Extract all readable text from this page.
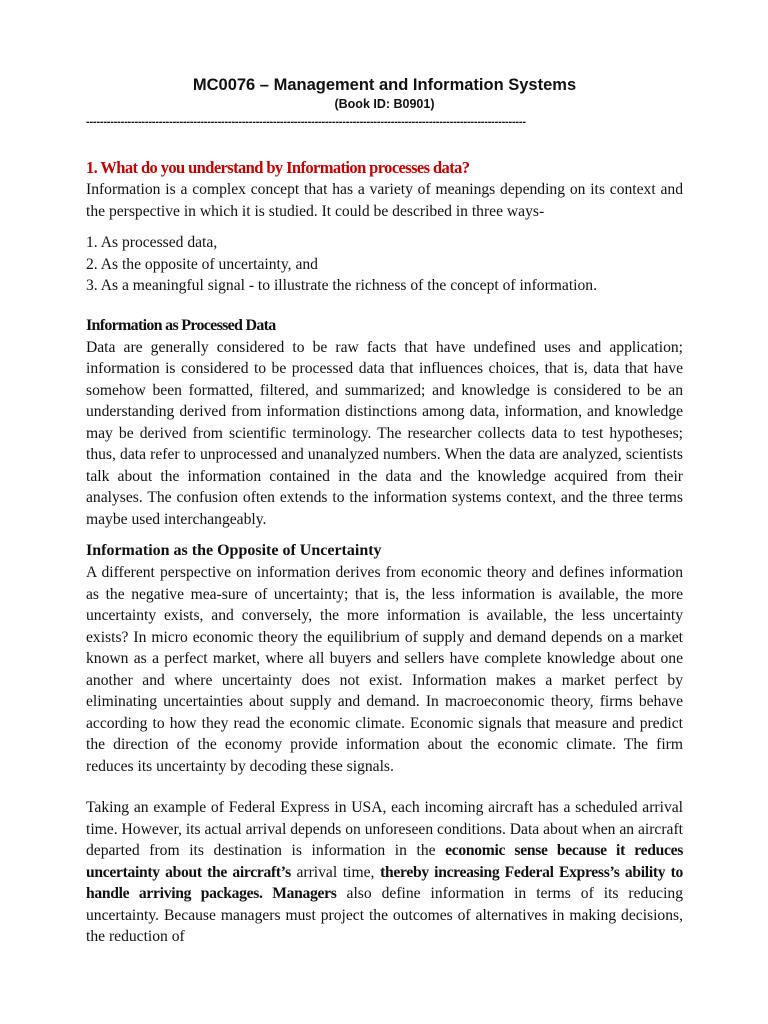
MC0076 – Management and Information Systems
(Book ID: B0901)
-------------------------------------------------------------------------------------------------------------------------------
1. What do you understand by Information processes data?

Information is a complex concept that has a variety of meanings depending on its context and the perspective in which it is studied. It could be described in three ways-

1. As processed data,
2. As the opposite of uncertainty, and
3. As a meaningful signal - to illustrate the richness of the concept of information.
Information as Processed Data

Data are generally considered to be raw facts that have undefined uses and application; information is considered to be processed data that influences choices, that is, data that have somehow been formatted, filtered, and summarized; and knowledge is considered to be an understanding derived from information distinctions among data, information, and knowledge may be derived from scientific terminology. The researcher collects data to test hypotheses; thus, data refer to unprocessed and unanalyzed numbers. When the data are analyzed, scientists talk about the information contained in the data and the knowledge acquired from their analyses. The confusion often extends to the information systems context, and the three terms maybe used interchangeably.

Information as the Opposite of Uncertainty

A different perspective on information derives from economic theory and defines information as the negative mea-sure of uncertainty; that is, the less information is available, the more uncertainty exists, and conversely, the more information is available, the less uncertainty exists? In micro economic theory the equilibrium of supply and demand depends on a market known as a perfect market, where all buyers and sellers have complete knowledge about one another and where uncertainty does not exist. Information makes a market perfect by eliminating uncertainties about supply and demand. In macroeconomic theory, firms behave according to how they read the economic climate. Economic signals that measure and predict the direction of the economy provide information about the economic climate. The firm reduces its uncertainty by decoding these signals.

Taking an example of Federal Express in USA, each incoming aircraft has a scheduled arrival time. However, its actual arrival depends on unforeseen conditions. Data about when an aircraft departed from its destination is information in the economic sense because it reduces uncertainty about the aircraft’s arrival time, thereby increasing Federal Express’s ability to handle arriving packages. Managers also define information in terms of its reducing uncertainty. Because managers must project the outcomes of alternatives in making decisions, the reduction of
